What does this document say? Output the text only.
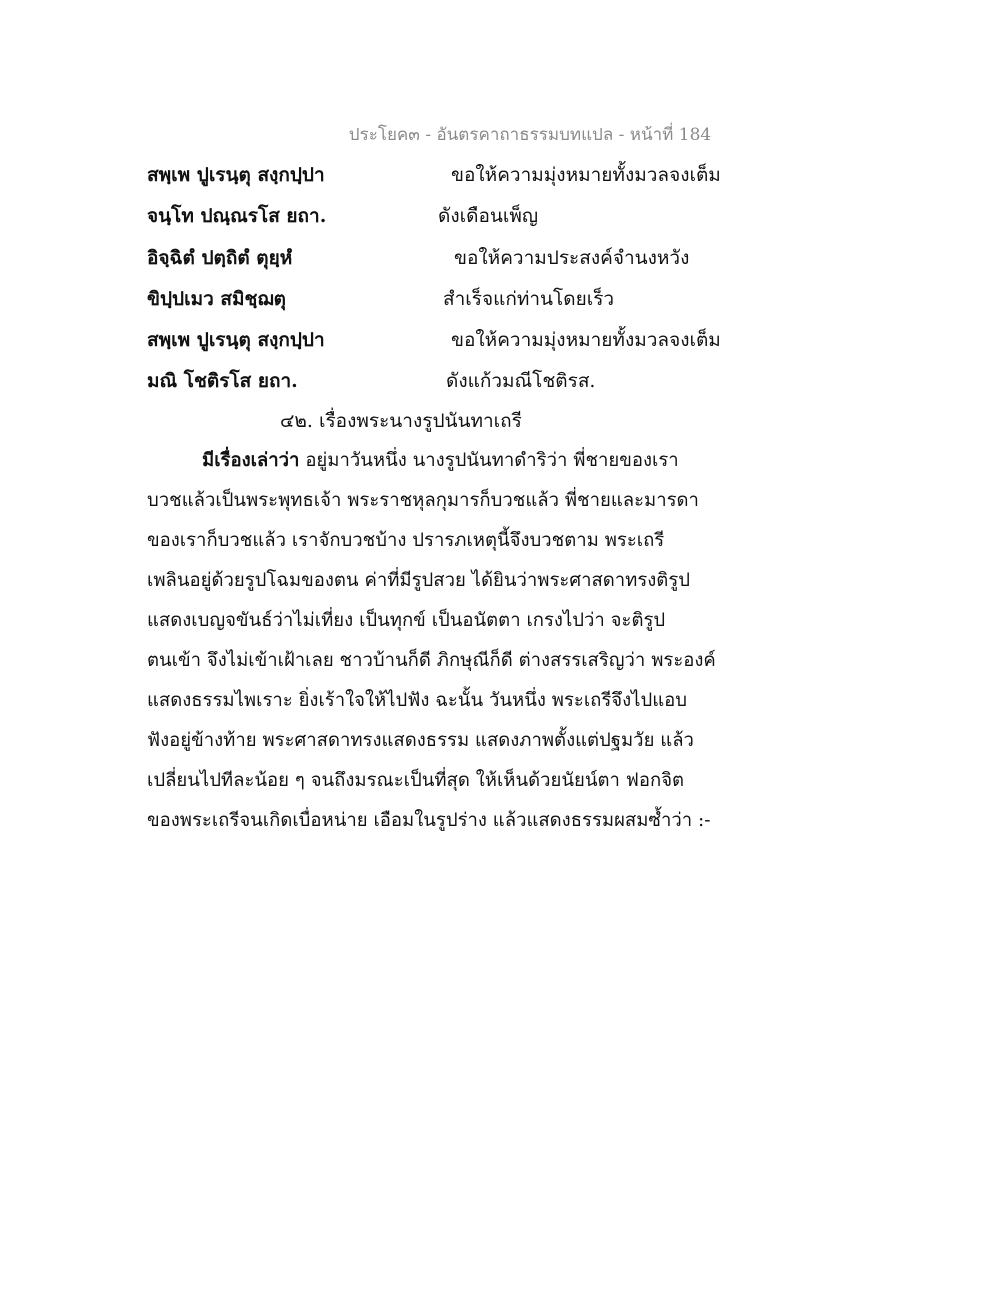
ประโยค๓ - อันตรคาถาธรรมบทแปล - หน้าที่ 184
สพฺเพ ปูเรนฺตุ สงฺกปฺปา	ขอให้ความมุ่งหมายทั้งมวลจงเต็ม
จนฺโท ปณฺณรโส ยถา.	ดังเดือนเพ็ญ
อิจฺฉิตํ ปตฺถิตํ ตุยฺหํ	ขอให้ความประสงค์จำนงหวัง
ขิปฺปเมว สมิชฺฌตุ	สำเร็จแก่ท่านโดยเร็ว
สพฺเพ ปูเรนฺตุ สงฺกปฺปา	ขอให้ความมุ่งหมายทั้งมวลจงเต็ม
มณิ โชติรโส ยถา.	ดังแก้วมณีโชติรส.
๔๒. เรื่องพระนางรูปนันทาเถรี
มีเรื่องเล่าว่า อยู่มาวันหนึ่ง นางรูปนันทาดำริว่า พี่ชายของเรา
บวชแล้วเป็นพระพุทธเจ้า พระราชหุลกุมารก็บวชแล้ว พี่ชายและมารดา
ของเราก็บวชแล้ว เราจักบวชบ้าง ปรารภเหตุนี้จึงบวชตาม พระเถรี
เพลินอยู่ด้วยรูปโฉมของตน ค่าที่มีรูปสวย ได้ยินว่าพระศาสดาทรงติรูป
แสดงเบญจขันธ์ว่าไม่เที่ยง เป็นทุกข์ เป็นอนัตตา เกรงไปว่า จะติรูป
ตนเข้า จึงไม่เข้าเฝ้าเลย ชาวบ้านก็ดี ภิกษุณีก็ดี ต่างสรรเสริญว่า พระองค์
แสดงธรรมไพเราะ ยิ่งเร้าใจให้ไปฟัง ฉะนั้น วันหนึ่ง พระเถรีจึงไปแอบ
ฟังอยู่ข้างท้าย พระศาสดาทรงแสดงธรรม แสดงภาพตั้งแต่ปฐมวัย แล้ว
เปลี่ยนไปทีละน้อย ๆ จนถึงมรณะเป็นที่สุด ให้เห็นด้วยนัยน์ตา ฟอกจิต
ของพระเถรีจนเกิดเบื่อหน่าย เอือมในรูปร่าง แล้วแสดงธรรมผสมซ้ำว่า :-
